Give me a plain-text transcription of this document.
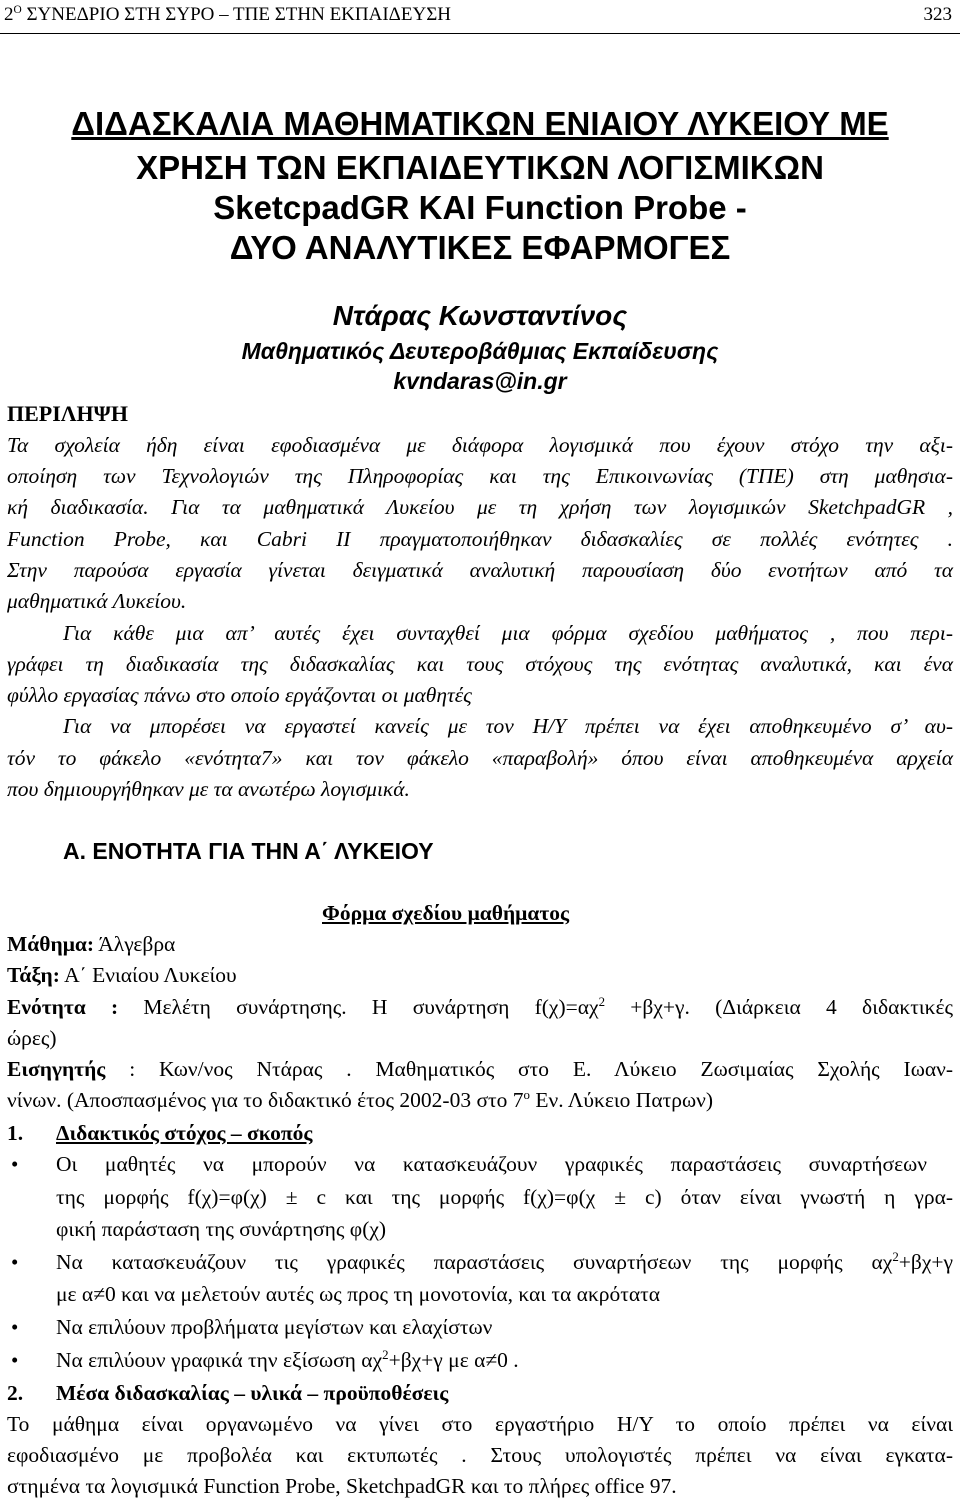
$2^O$ ΣΥΝΕΔΡΙΟ ΣΤΗ ΣΥΡΟ – ΤΠΕ ΣΤΗΝ ΕΚΠΑΙΔΕΥΣΗ	323
ΔΙΔΑΣΚΑΛΙΑ ΜΑΘΗΜΑΤΙΚΩΝ ΕΝΙΑΙΟΥ ΛΥΚΕΙΟΥ ΜΕ
ΧΡΗΣΗ ΤΩΝ ΕΚΠΑΙΔΕΥΤΙΚΩΝ ΛΟΓΙΣΜΙΚΩΝ
SketcpadGR ΚΑΙ Function Probe -
ΔΥΟ ΑΝΑΛΥΤΙΚΕΣ ΕΦΑΡΜΟΓΕΣ
Ντάρας Κωνσταντίνος
Μαθηματικός Δευτεροβάθμιας Εκπαίδευσης
kvndaras@in.gr
ΠΕΡΙΛΗΨΗ
Τα σχολεία ήδη είναι εφοδιασμένα με διάφορα λογισμικά που έχουν στόχο την αξι-
οποίηση των Τεχνολογιών της Πληροφορίας και της Επικοινωνίας (ΤΠΕ) στη μαθησια-
κή διαδικασία. Για τα μαθηματικά Λυκείου με τη χρήση των λογισμικών SketchpadGR ,
Function Probe, και Cabri II πραγματοποιήθηκαν διδασκαλίες σε πολλές ενότητες .
Στην παρούσα εργασία γίνεται δειγματικά αναλυτική παρουσίαση δύο ενοτήτων από τα
μαθηματικά Λυκείου.
Για κάθε μια απ’ αυτές έχει συνταχθεί μια φόρμα σχεδίου μαθήματος , που περι-
γράφει τη διαδικασία της διδασκαλίας και τους στόχους της ενότητας αναλυτικά, και ένα
φύλλο εργασίας πάνω στο οποίο εργάζονται οι μαθητές
Για να μπορέσει να εργαστεί κανείς με τον Η/Υ πρέπει να έχει αποθηκευμένο σ’ αυ-
τόν το φάκελο «ενότητα7» και τον φάκελο «παραβολή» όπου είναι αποθηκευμένα αρχεία
που δημιουργήθηκαν με τα ανωτέρω λογισμικά.
Α. ΕΝΟΤΗΤΑ ΓΙΑ ΤΗΝ Α΄ ΛΥΚΕΙΟΥ
Φόρμα σχεδίου μαθήματος
Μάθημα: Άλγεβρα
Τάξη: Α΄ Ενιαίου Λυκείου
Ενότητα : Μελέτη συνάρτησης. Η συνάρτηση $f(\chi)=\alpha\chi^2 +\beta\chi+\gamma$. (Διάρκεια 4 διδακτικές
ώρες)
Εισηγητής : Κων/νος Ντάρας . Μαθηματικός στο Ε. Λύκειο Ζωσιμαίας Σχολής Ιωαν-
νίνων. (Αποσπασμένος για το διδακτικό έτος 2002-03 στο $7^o$ Εν. Λύκειο Πατρων)
1.	Διδακτικός στόχος – σκοπός
• Οι μαθητές να μπορούν να κατασκευάζουν γραφικές παραστάσεις συναρτήσεων
της μορφής f(χ)=φ(χ) ± c και της μορφής f(χ)=φ(χ ± c) όταν είναι γνωστή η γρα-
φική παράσταση της συνάρτησης φ(χ)
• Να κατασκευάζουν τις γραφικές παραστάσεις συναρτήσεων της μορφής $\alpha\chi^2+\beta\chi+\gamma$
με α≠0 και να μελετούν αυτές ως προς τη μονοτονία, και τα ακρότατα
• Να επιλύουν προβλήματα μεγίστων και ελαχίστων
• Να επιλύουν γραφικά την εξίσωση $\alpha\chi^2+\beta\chi+\gamma$ με α≠0 .
2.	Μέσα διδασκαλίας – υλικά – προϋποθέσεις
Το μάθημα είναι οργανωμένο να γίνει στο εργαστήριο Η/Υ το οποίο πρέπει να είναι
εφοδιασμένο με προβολέα και εκτυπωτές . Στους υπολογιστές πρέπει να είναι εγκατα-
στημένα τα λογισμικά Function Probe, SketchpadGR και το πλήρες office 97.
